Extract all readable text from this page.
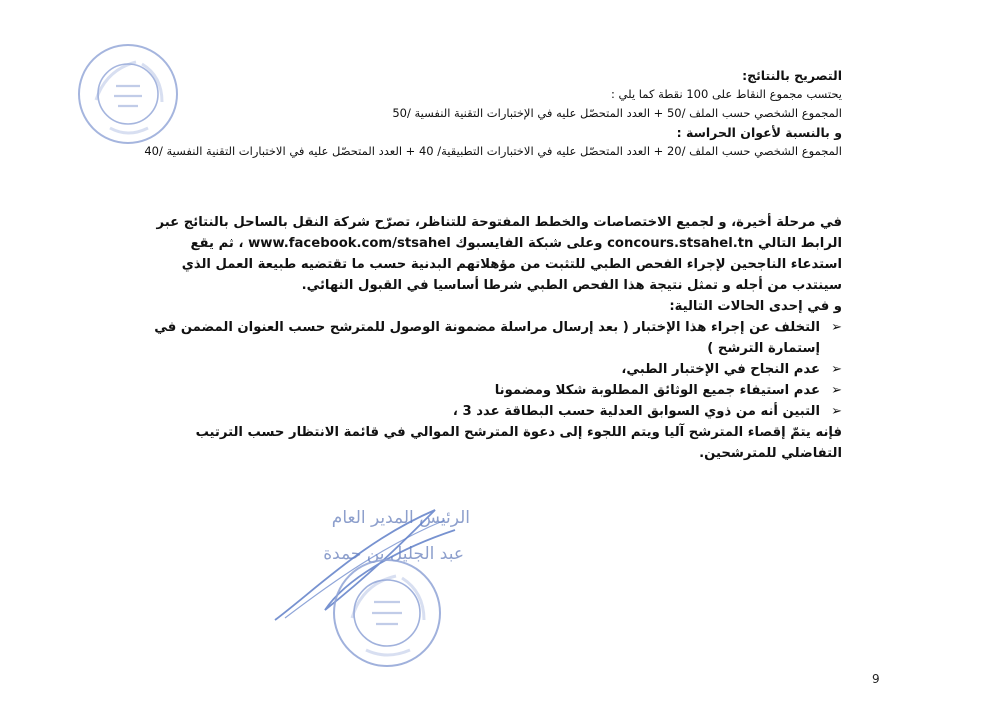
التصريح بالنتائج:
يحتسب مجموع النقاط على 100 نقطة كما يلي :
المجموع الشخصي حسب الملف /50 + العدد المتحصّل عليه في الإختبارات التقنية النفسية /50
و بالنسبة لأعوان الحراسة :
المجموع الشخصي حسب الملف /20 + العدد المتحصّل عليه في الاختبارات التطبيقية/ 40 + العدد المتحصّل عليه في الاختبارات التقنية النفسية /40

في مرحلة أخيرة، و لجميع الاختصاصات والخطط المفتوحة للتناظر، تصرّح شركة النقل بالساحل بالنتائج عبر الرابط التالي concours.stsahel.tn وعلى شبكة الفايسبوك www.facebook.com/stsahel ، ثم يقع استدعاء الناجحين لإجراء الفحص الطبي للتثبت من مؤهلاتهم البدنية حسب ما تقتضيه طبيعة العمل الذي سينتدب من أجله و تمثل نتيجة هذا الفحص الطبي شرطا أساسيا في القبول النهائي.

و في إحدى الحالات التالية:

➢
التخلف عن إجراء هذا الإختبار ( بعد إرسال مراسلة مضمونة الوصول للمترشح حسب العنوان المضمن في إستمارة الترشح )
➢
عدم النجاح في الإختبار الطبي،
➢
عدم استيفاء جميع الوثائق المطلوبة شكلا ومضمونا
➢
التبين أنه من ذوي السوابق العدلية حسب البطاقة عدد 3 ،

فإنه يتمّ إقصاء المترشح آليا ويتم اللجوء إلى دعوة المترشح الموالي في قائمة الانتظار حسب الترتيب التفاضلي للمترشحين.

الرئيس المدير العام
عبد الجليل بن حمدة
9
